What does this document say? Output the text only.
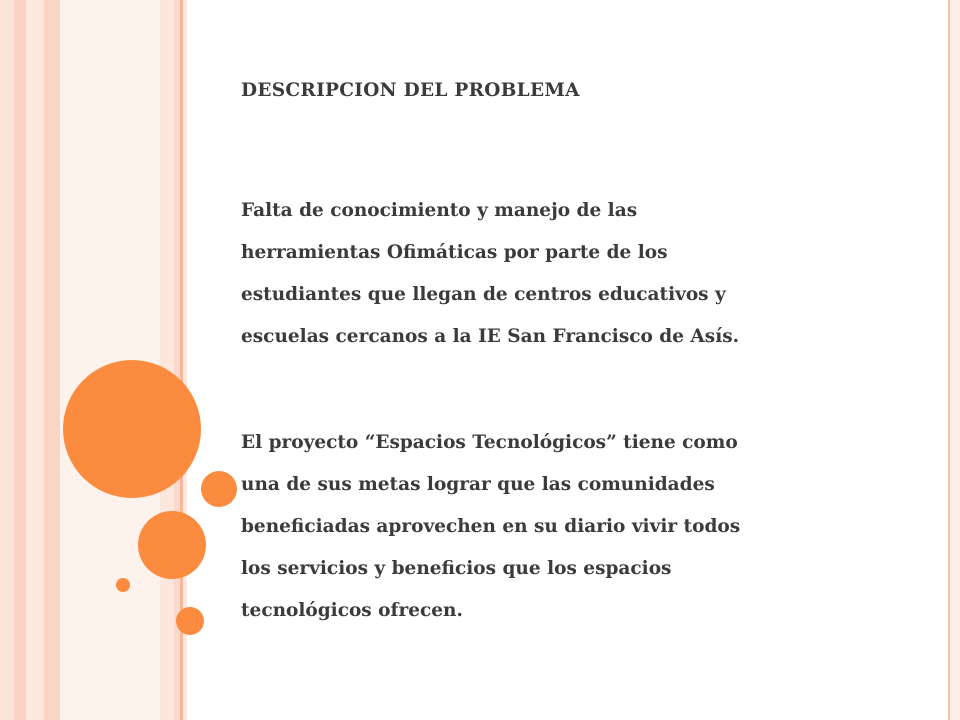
DESCRIPCION DEL PROBLEMA

Falta de conocimiento y manejo de las
herramientas Ofimáticas por parte de los
estudiantes que llegan de centros educativos y
escuelas cercanos a la IE San Francisco de Asís.

El proyecto “Espacios Tecnológicos” tiene como
una de sus metas lograr que las comunidades
beneficiadas aprovechen en su diario vivir todos
los servicios y beneficios que los espacios
tecnológicos ofrecen.
